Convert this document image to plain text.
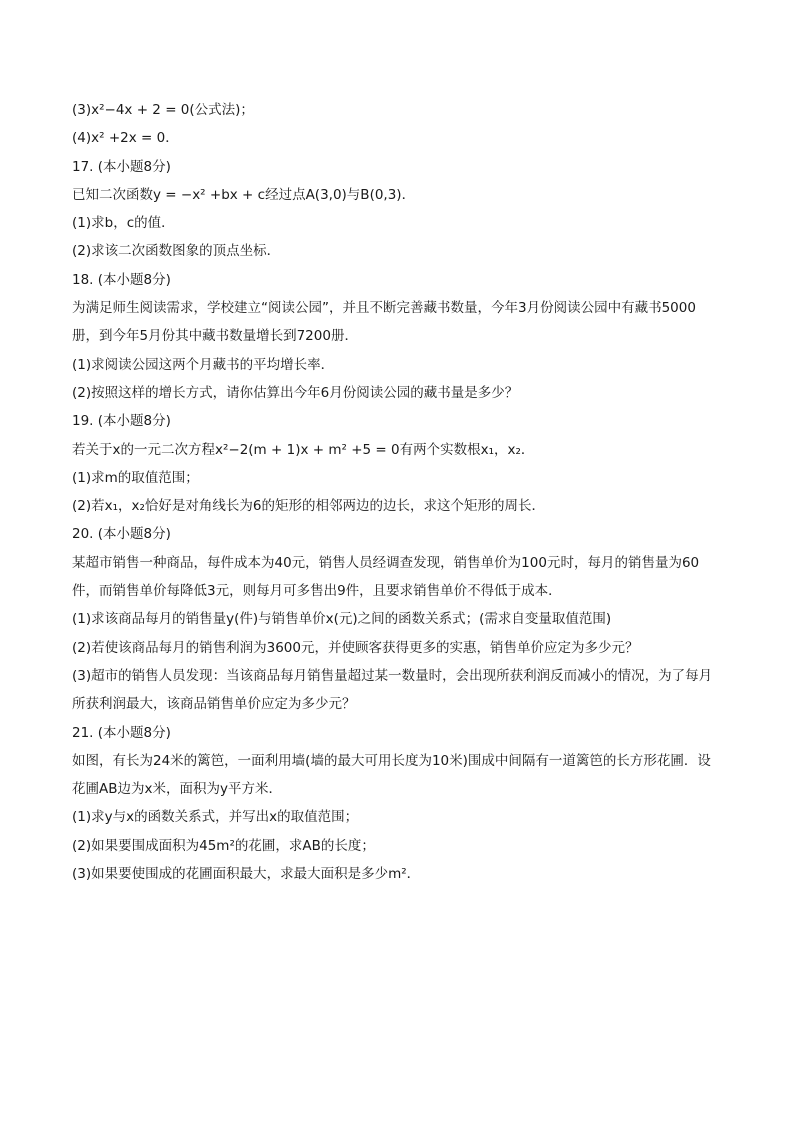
(3)x²−4x + 2 = 0(公式法)；
(4)x² +2x = 0．
17. (本小题8分)
已知二次函数y = −x² +bx + c经过点A(3,0)与B(0,3)．
(1)求b，c的值．
(2)求该二次函数图象的顶点坐标．
18. (本小题8分)
为满足师生阅读需求，学校建立“阅读公园”，并且不断完善藏书数量，今年3月份阅读公园中有藏书5000册，到今年5月份其中藏书数量增长到7200册．
(1)求阅读公园这两个月藏书的平均增长率．
(2)按照这样的增长方式，请你估算出今年6月份阅读公园的藏书量是多少？
19. (本小题8分)
若关于x的一元二次方程x²−2(m + 1)x + m² +5 = 0有两个实数根x₁，x₂．
(1)求m的取值范围；
(2)若x₁，x₂恰好是对角线长为6的矩形的相邻两边的边长，求这个矩形的周长．
20. (本小题8分)
某超市销售一种商品，每件成本为40元，销售人员经调查发现，销售单价为100元时，每月的销售量为60件，而销售单价每降低3元，则每月可多售出9件，且要求销售单价不得低于成本．
(1)求该商品每月的销售量y(件)与销售单价x(元)之间的函数关系式；(需求自变量取值范围)
(2)若使该商品每月的销售利润为3600元，并使顾客获得更多的实惠，销售单价应定为多少元？
(3)超市的销售人员发现：当该商品每月销售量超过某一数量时，会出现所获利润反而减小的情况，为了每月所获利润最大，该商品销售单价应定为多少元？
21. (本小题8分)
如图，有长为24米的篱笆，一面利用墙(墙的最大可用长度为10米)围成中间隔有一道篱笆的长方形花圃．设花圃AB边为x米，面积为y平方米．
(1)求y与x的函数关系式，并写出x的取值范围；
(2)如果要围成面积为45m²的花圃，求AB的长度；
(3)如果要使围成的花圃面积最大，求最大面积是多少m²．
